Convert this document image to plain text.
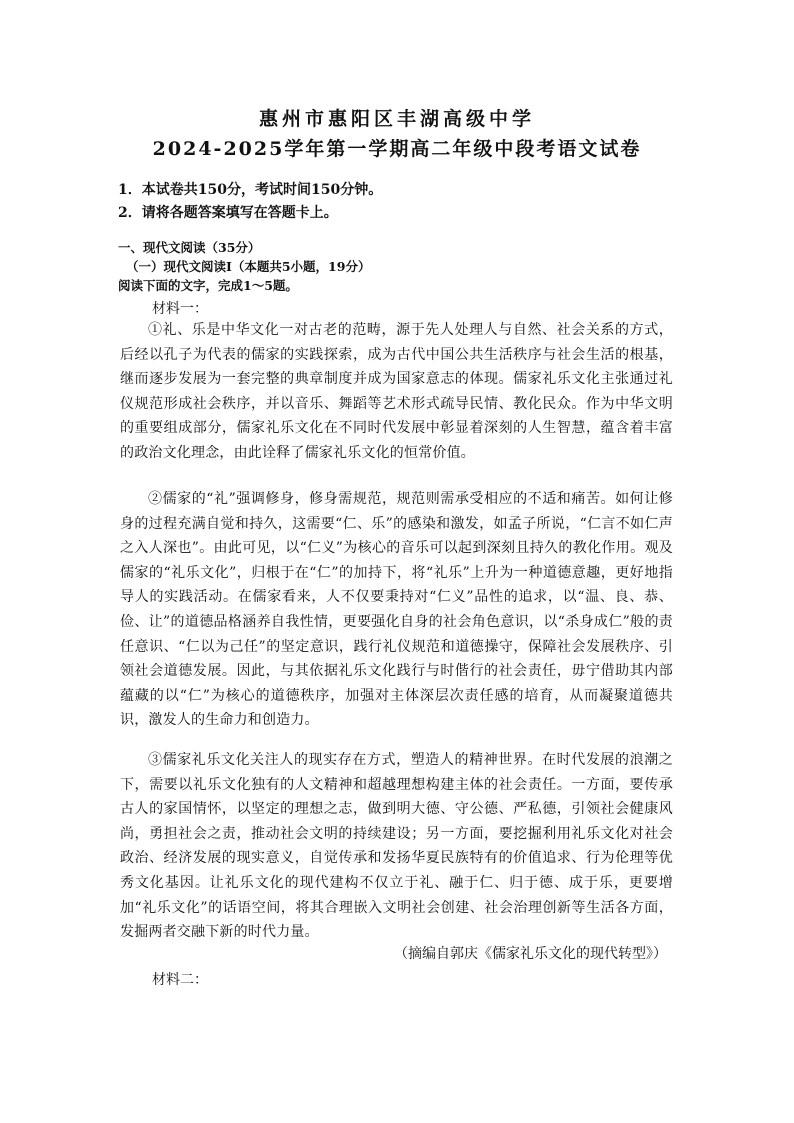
惠州市惠阳区丰湖高级中学
2024-2025学年第一学期高二年级中段考语文试卷
1．本试卷共150分，考试时间150分钟。
2．请将各题答案填写在答题卡上。
一、现代文阅读（35分）
（一）现代文阅读I（本题共5小题，19分）
阅读下面的文字，完成1～5题。
材料一：

①礼、乐是中华文化一对古老的范畴，源于先人处理人与自然、社会关系的方式，后经以孔子为代表的儒家的实践探索，成为古代中国公共生活秩序与社会生活的根基，继而逐步发展为一套完整的典章制度并成为国家意志的体现。儒家礼乐文化主张通过礼仪规范形成社会秩序，并以音乐、舞蹈等艺术形式疏导民情、教化民众。作为中华文明的重要组成部分，儒家礼乐文化在不同时代发展中彰显着深刻的人生智慧，蕴含着丰富的政治文化理念，由此诠释了儒家礼乐文化的恒常价值。

②儒家的“礼”强调修身，修身需规范，规范则需承受相应的不适和痛苦。如何让修身的过程充满自觉和持久，这需要“仁、乐”的感染和激发，如孟子所说，“仁言不如仁声之入人深也”。由此可见，以“仁义”为核心的音乐可以起到深刻且持久的教化作用。观及儒家的“礼乐文化”，归根于在“仁”的加持下，将“礼乐”上升为一种道德意趣，更好地指导人的实践活动。在儒家看来，人不仅要秉持对“仁义”品性的追求，以“温、良、恭、俭、让”的道德品格涵养自我性情，更要强化自身的社会角色意识，以“杀身成仁”般的责任意识、“仁以为己任”的坚定意识，践行礼仪规范和道德操守，保障社会发展秩序、引领社会道德发展。因此，与其依据礼乐文化践行与时偕行的社会责任，毋宁借助其内部蕴藏的以“仁”为核心的道德秩序，加强对主体深层次责任感的培育，从而凝聚道德共识，激发人的生命力和创造力。

③儒家礼乐文化关注人的现实存在方式，塑造人的精神世界。在时代发展的浪潮之下，需要以礼乐文化独有的人文精神和超越理想构建主体的社会责任。一方面，要传承古人的家国情怀，以坚定的理想之志，做到明大德、守公德、严私德，引领社会健康风尚，勇担社会之责，推动社会文明的持续建设；另一方面，要挖掘利用礼乐文化对社会政治、经济发展的现实意义，自觉传承和发扬华夏民族特有的价值追求、行为伦理等优秀文化基因。让礼乐文化的现代建构不仅立于礼、融于仁、归于德、成于乐，更要增加“礼乐文化”的话语空间，将其合理嵌入文明社会创建、社会治理创新等生活各方面，发掘两者交融下新的时代力量。

（摘编自郭庆《儒家礼乐文化的现代转型》）
材料二：
